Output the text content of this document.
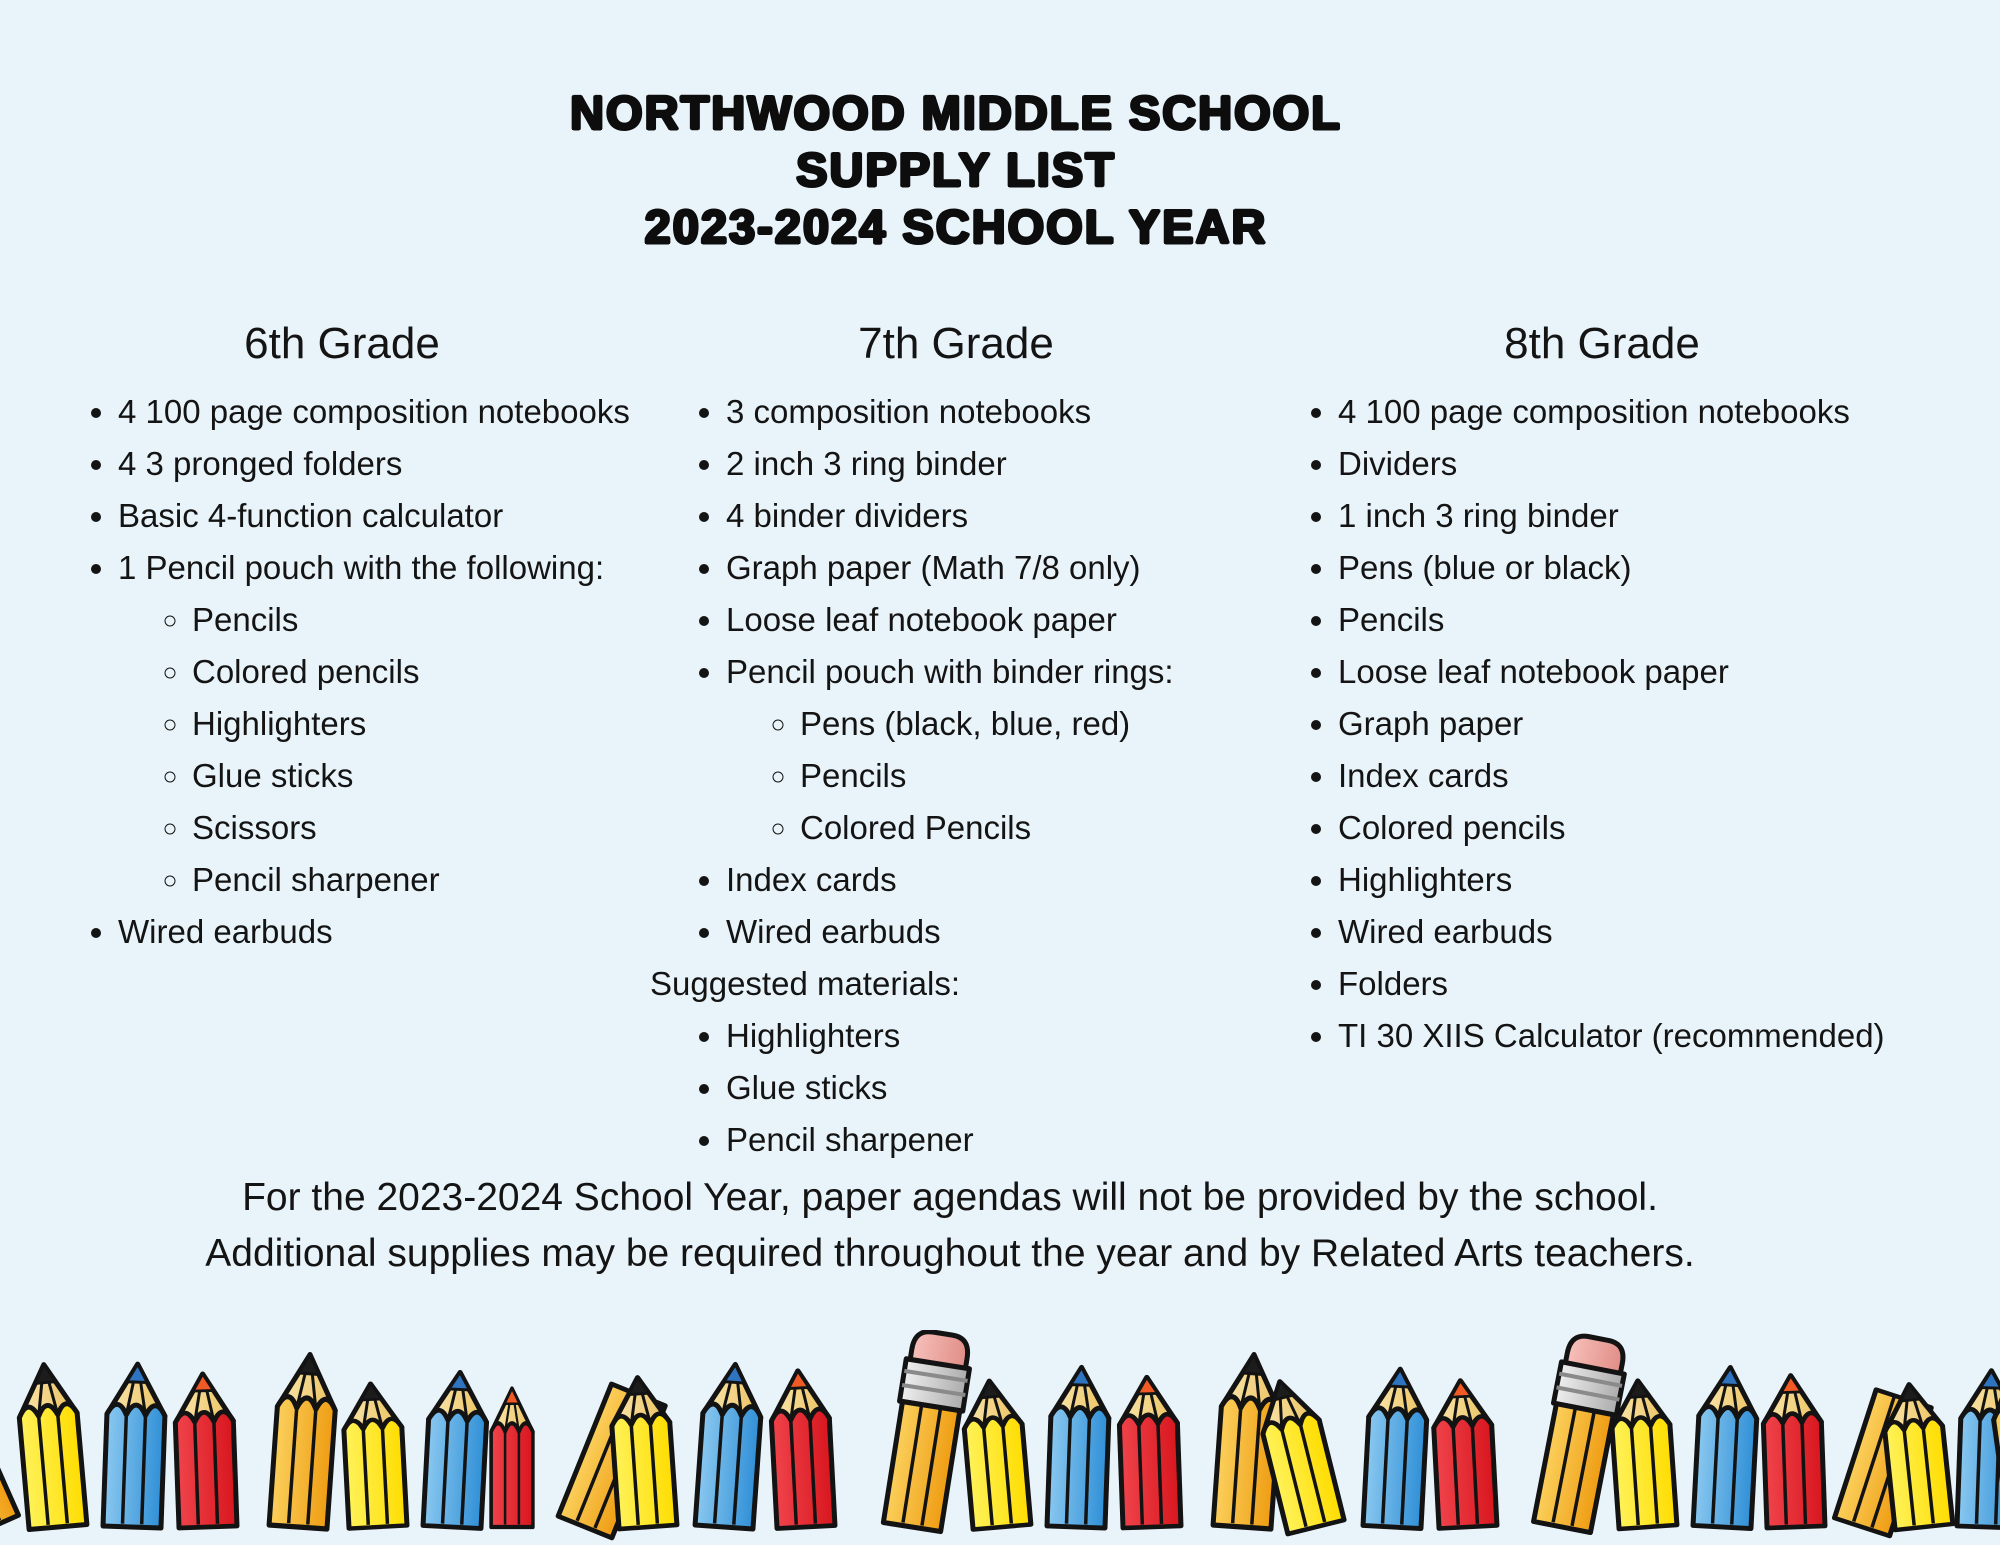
NORTHWOOD MIDDLE SCHOOL
SUPPLY LIST
2023-2024 SCHOOL YEAR
6th Grade
• 4 100 page composition notebooks
• 4 3 pronged folders
• Basic 4-function calculator
• 1 Pencil pouch with the following:
◦ Pencils
◦ Colored pencils
◦ Highlighters
◦ Glue sticks
◦ Scissors
◦ Pencil sharpener
• Wired earbuds
7th Grade
• 3 composition notebooks
• 2 inch 3 ring binder
• 4 binder dividers
• Graph paper (Math 7/8 only)
• Loose leaf notebook paper
• Pencil pouch with binder rings:
◦ Pens (black, blue, red)
◦ Pencils
◦ Colored Pencils
• Index cards
• Wired earbuds
Suggested materials:
• Highlighters
• Glue sticks
• Pencil sharpener
8th Grade
• 4 100 page composition notebooks
• Dividers
• 1 inch 3 ring binder
• Pens (blue or black)
• Pencils
• Loose leaf notebook paper
• Graph paper
• Index cards
• Colored pencils
• Highlighters
• Wired earbuds
• Folders
• TI 30 XIIS Calculator (recommended)
For the 2023-2024 School Year, paper agendas will not be provided by the school.
Additional supplies may be required throughout the year and by Related Arts teachers.
